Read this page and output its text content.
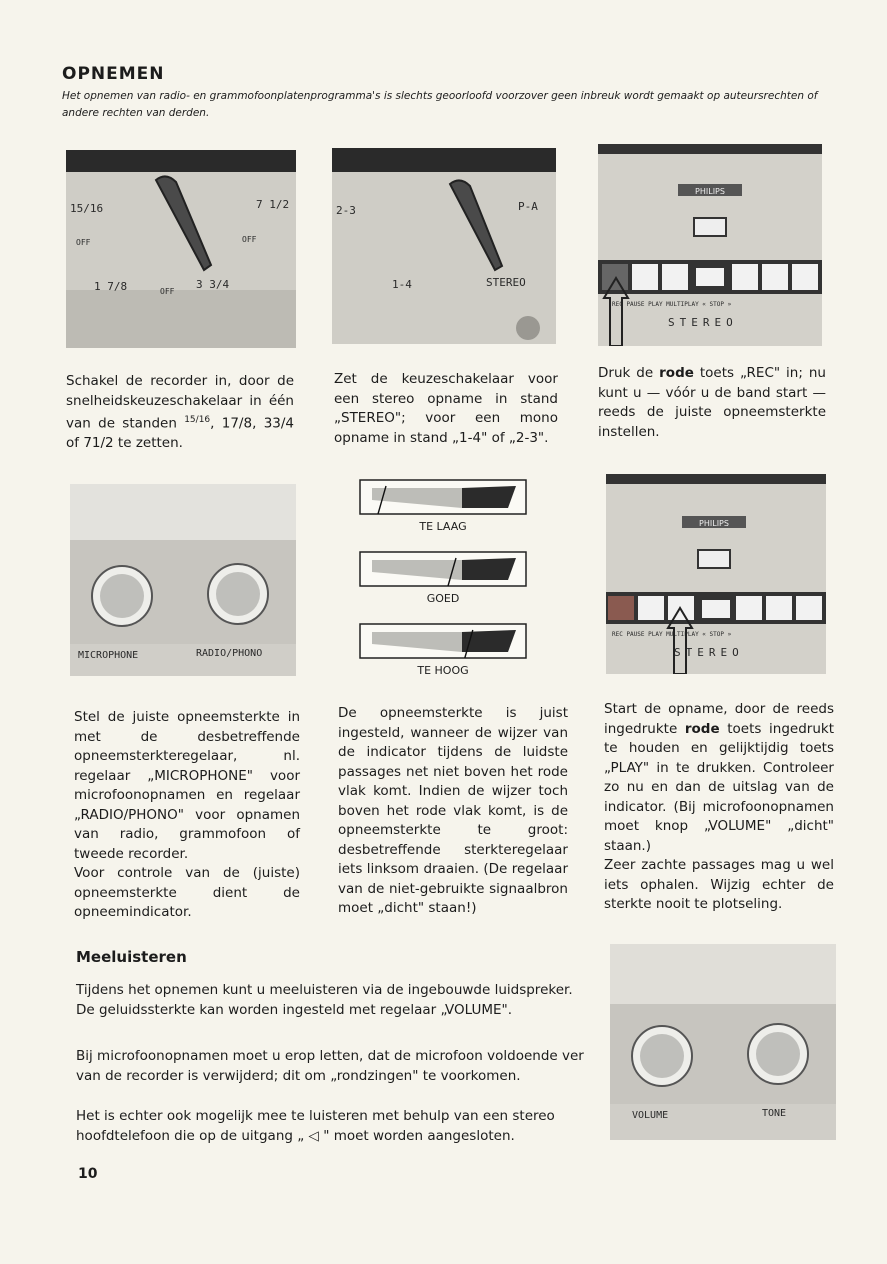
OPNEMEN
Het opnemen van radio- en grammofoonplatenprogramma's is slechts geoorloofd voorzover geen inbreuk wordt gemaakt op auteursrechten of andere rechten van derden.
15/16	7 1/2
OFF	OFF
1 7/8	OFF
3 3/4
2-3	P-A
1-4	STEREO
PHILIPS
REC PAUSE PLAY MULTIPLAY « STOP »
STEREO
Schakel de recorder in, door de snelheidskeuzeschakelaar in één van de standen $^{15/16}$, 17/8, 33/4 of 71/2 te zetten.
Zet de keuzeschakelaar voor een stereo opname in stand „STEREO"; voor een mono opname in stand „1-4" of „2-3".
Druk de rode toets „REC" in; nu kunt u — vóór u de band start — reeds de juiste opneemsterkte instellen.
MICROPHONE	RADIO/PHONO
TE LAAG
GOED
TE HOOG
PHILIPS
REC PAUSE PLAY MULTIPLAY « STOP »
STEREO

Stel de juiste opneemsterkte in met de desbetreffende opneemsterkteregelaar, nl. regelaar „MICROPHONE" voor microfoonopnamen en regelaar „RADIO/PHONO" voor opnamen van radio, grammofoon of tweede recorder.

Voor controle van de (juiste) opneemsterkte dient de opneemindicator.

De opneemsterkte is juist ingesteld, wanneer de wijzer van de indicator tijdens de luidste passages net niet boven het rode vlak komt. Indien de wijzer toch boven het rode vlak komt, is de opneemsterkte te groot: desbetreffende sterkteregelaar iets linksom draaien. (De regelaar van de niet-gebruikte signaalbron moet „dicht" staan!)

Start de opname, door de reeds ingedrukte rode toets ingedrukt te houden en gelijktijdig toets „PLAY" in te drukken. Controleer zo nu en dan de uitslag van de indicator. (Bij microfoonopnamen moet knop „VOLUME" „dicht" staan.)

Zeer zachte passages mag u wel iets ophalen. Wijzig echter de sterkte nooit te plotseling.

Meeluisteren
Tijdens het opnemen kunt u meeluisteren via de ingebouwde luidspreker. De geluidssterkte kan worden ingesteld met regelaar „VOLUME".
Bij microfoonopnamen moet u erop letten, dat de microfoon voldoende ver van de recorder is verwijderd; dit om „rondzingen" te voorkomen.
Het is echter ook mogelijk mee te luisteren met behulp van een stereo hoofdtelefoon die op de uitgang „ ◁ " moet worden aangesloten.
VOLUME	TONE
10
